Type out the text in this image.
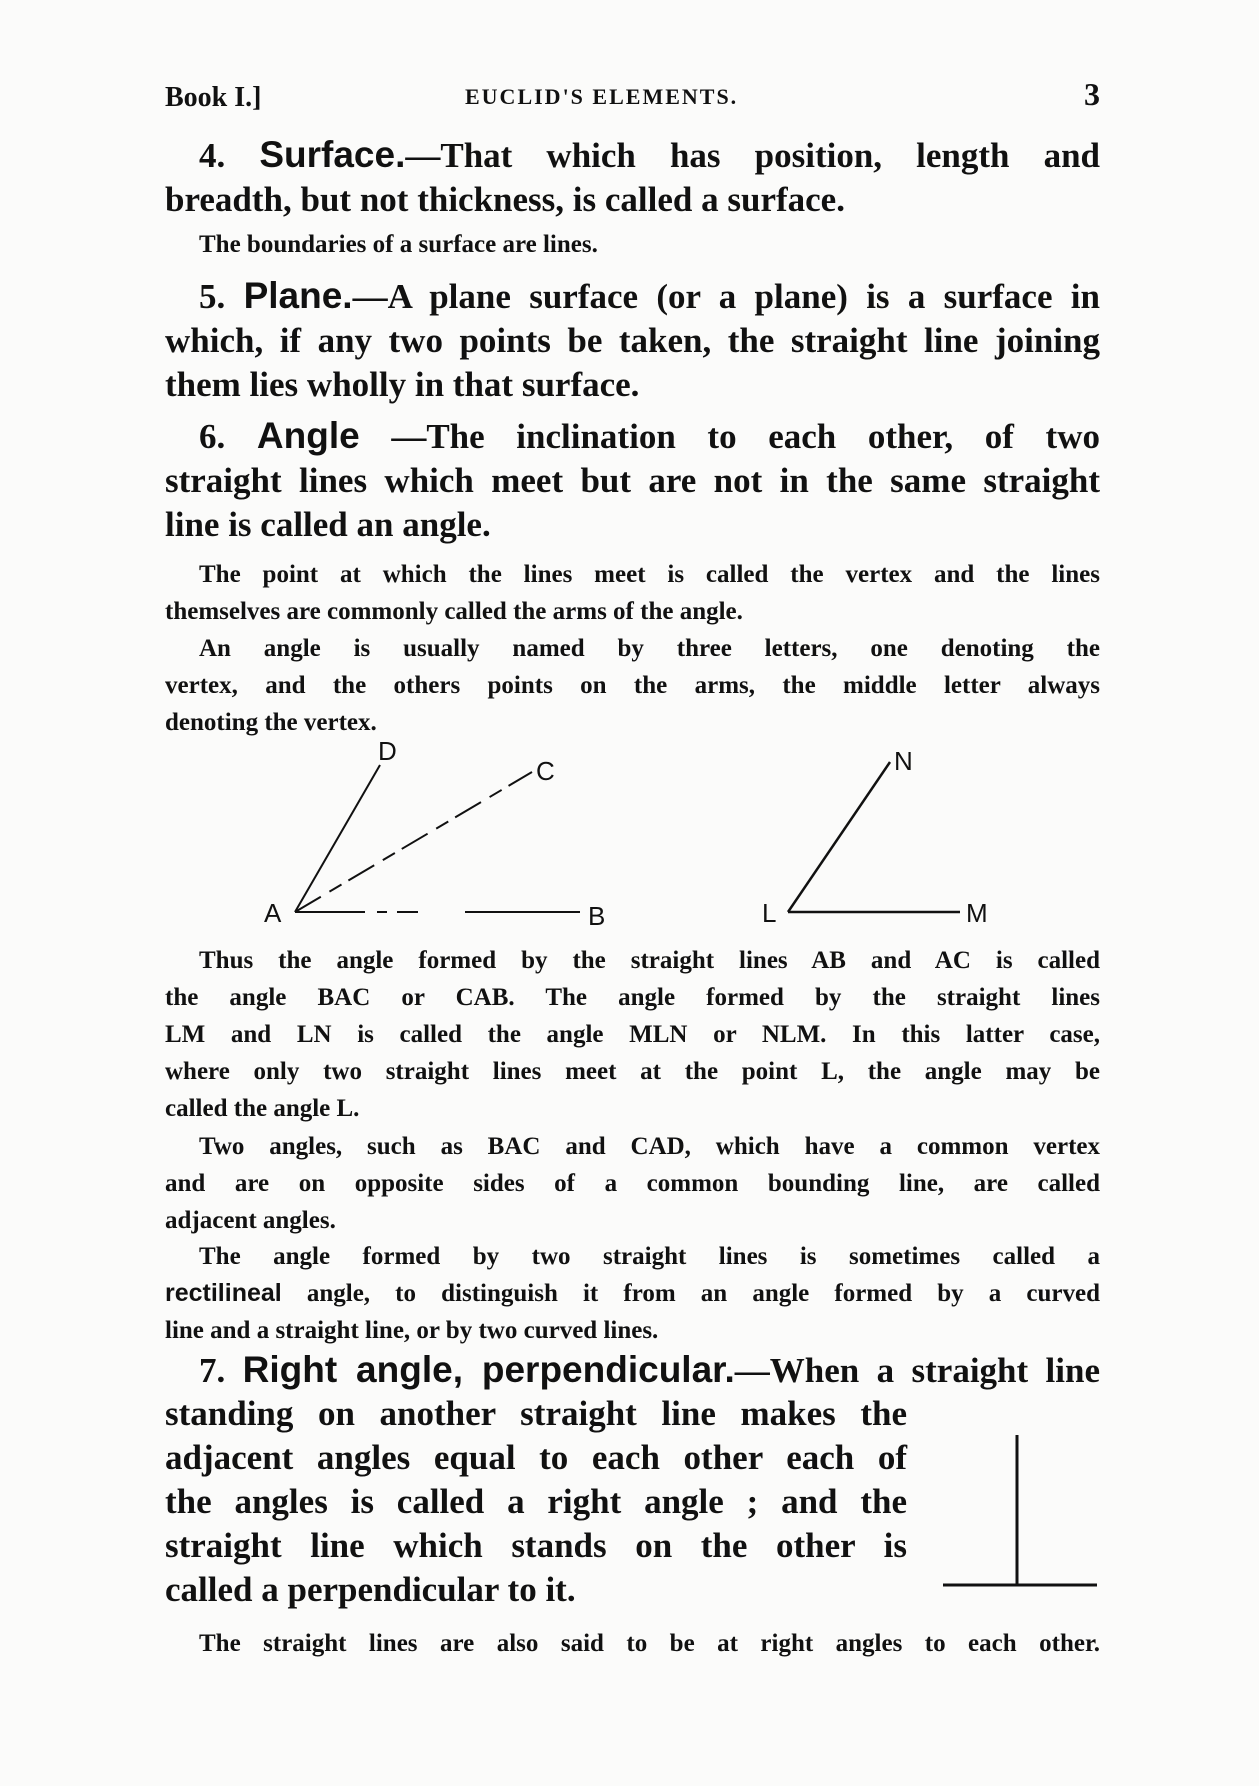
Book I.]	EUCLID'S ELEMENTS.	3
4. Surface.—That which has position, length and
breadth, but not thickness, is called a surface.
The boundaries of a surface are lines.
5. Plane.—A plane surface (or a plane) is a surface in
which, if any two points be taken, the straight line joining
them lies wholly in that surface.
6. Angle —The inclination to each other, of two
straight lines which meet but are not in the same straight
line is called an angle.
The point at which the lines meet is called the vertex and the lines
themselves are commonly called the arms of the angle.
An angle is usually named by three letters, one denoting the
vertex, and the others points on the arms, the middle letter always
denoting the vertex.
D
C
A	B
N
L	M
Thus the angle formed by the straight lines AB and AC is called
the angle BAC or CAB. The angle formed by the straight lines
LM and LN is called the angle MLN or NLM. In this latter case,
where only two straight lines meet at the point L, the angle may be
called the angle L.
Two angles, such as BAC and CAD, which have a common vertex
and are on opposite sides of a common bounding line, are called
adjacent angles.
The angle formed by two straight lines is sometimes called a
rectilineal angle, to distinguish it from an angle formed by a curved
line and a straight line, or by two curved lines.
7. Right angle, perpendicular.—When a straight line
standing on another straight line makes the
adjacent angles equal to each other each of
the angles is called a right angle ; and the
straight line which stands on the other is
called a perpendicular to it.
The straight lines are also said to be at right angles to each other.
